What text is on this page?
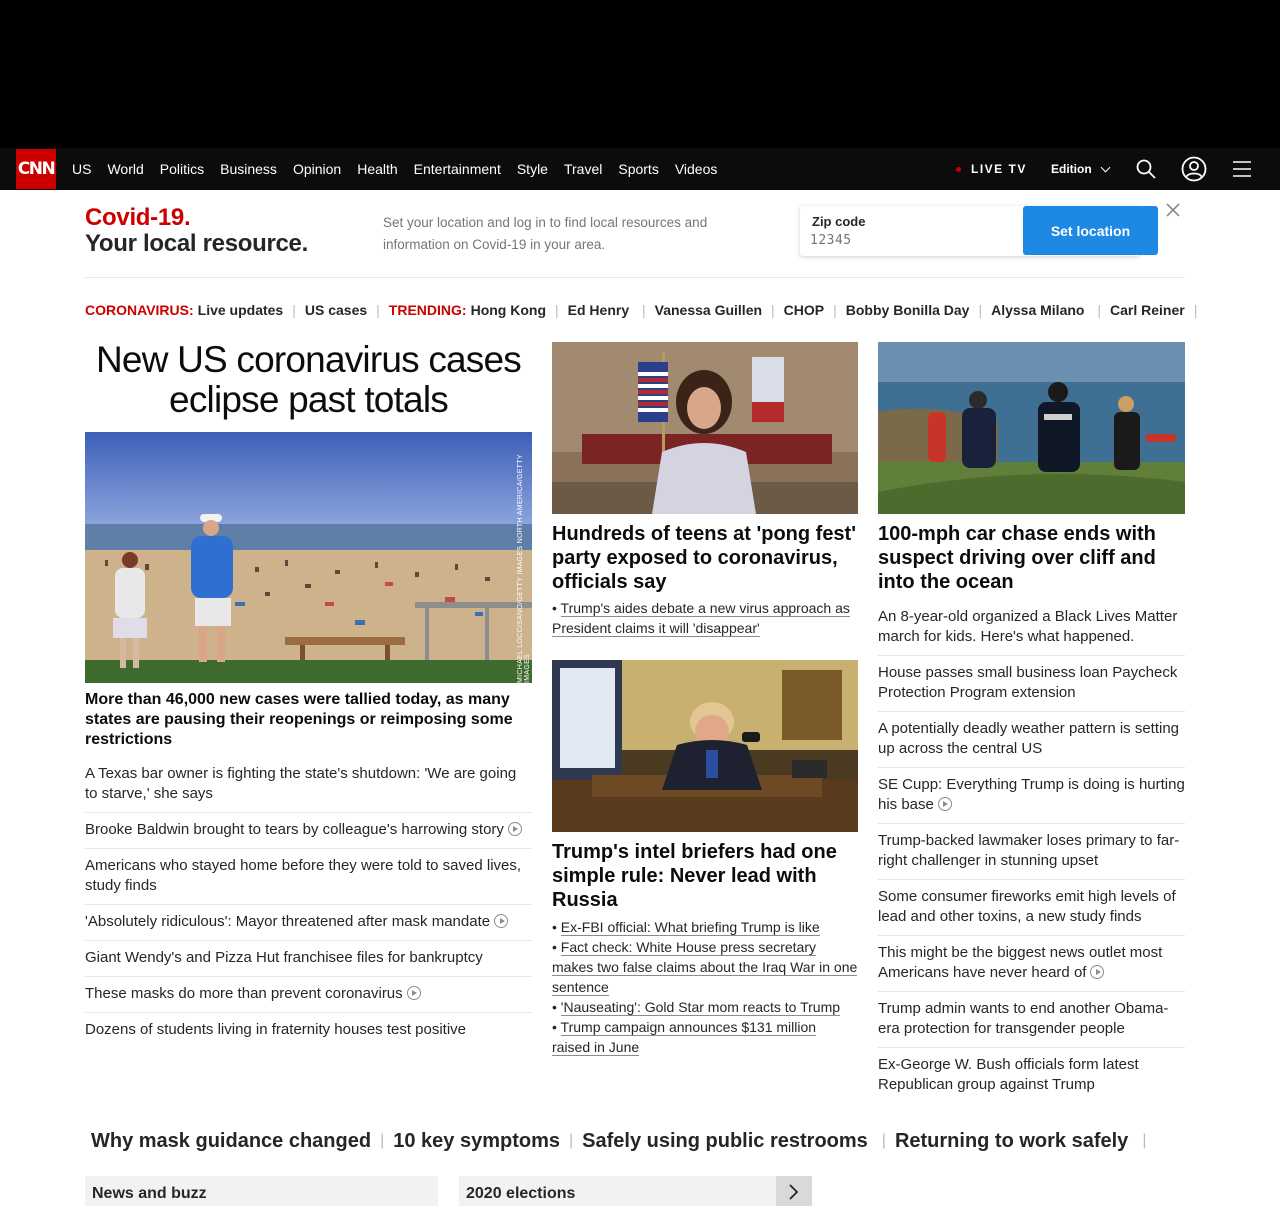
CNN US World Politics Business Opinion Health Entertainment Style Travel Sports Videos	LIVE TV Edition
Covid-19.
Your local resource.
Set your location and log in to find local resources and information on Covid-19 in your area.
Zip code
12345
Set location
CORONAVIRUS: Live updates | US cases | TRENDING: Hong Kong | Ed Henry | Vanessa Guillen | CHOP | Bobby Bonilla Day | Alyssa Milano | Carl Reiner |
New US coronavirus cases eclipse past totals
MICHAEL LOCCISANO/GETTY IMAGES NORTH AMERICA/GETTY IMAGES
More than 46,000 new cases were tallied today, as many states are pausing their reopenings or reimposing some restrictions
A Texas bar owner is fighting the state's shutdown: 'We are going to starve,' she says
Brooke Baldwin brought to tears by colleague's harrowing story
Americans who stayed home before they were told to saved lives, study finds
'Absolutely ridiculous': Mayor threatened after mask mandate
Giant Wendy's and Pizza Hut franchisee files for bankruptcy
These masks do more than prevent coronavirus
Dozens of students living in fraternity houses test positive
Hundreds of teens at 'pong fest' party exposed to coronavirus, officials say
• Trump's aides debate a new virus approach as President claims it will 'disappear'
Trump's intel briefers had one simple rule: Never lead with Russia
• Ex-FBI official: What briefing Trump is like
• Fact check: White House press secretary makes two false claims about the Iraq War in one sentence
• 'Nauseating': Gold Star mom reacts to Trump
• Trump campaign announces $131 million raised in June
100-mph car chase ends with suspect driving over cliff and into the ocean
An 8-year-old organized a Black Lives Matter march for kids. Here's what happened.
House passes small business loan Paycheck Protection Program extension
A potentially deadly weather pattern is setting up across the central US
SE Cupp: Everything Trump is doing is hurting his base
Trump-backed lawmaker loses primary to far-right challenger in stunning upset
Some consumer fireworks emit high levels of lead and other toxins, a new study finds
This might be the biggest news outlet most Americans have never heard of
Trump admin wants to end another Obama-era protection for transgender people
Ex-George W. Bush officials form latest Republican group against Trump
Why mask guidance changed | 10 key symptoms | Safely using public restrooms | Returning to work safely |
News and buzz	2020 elections
